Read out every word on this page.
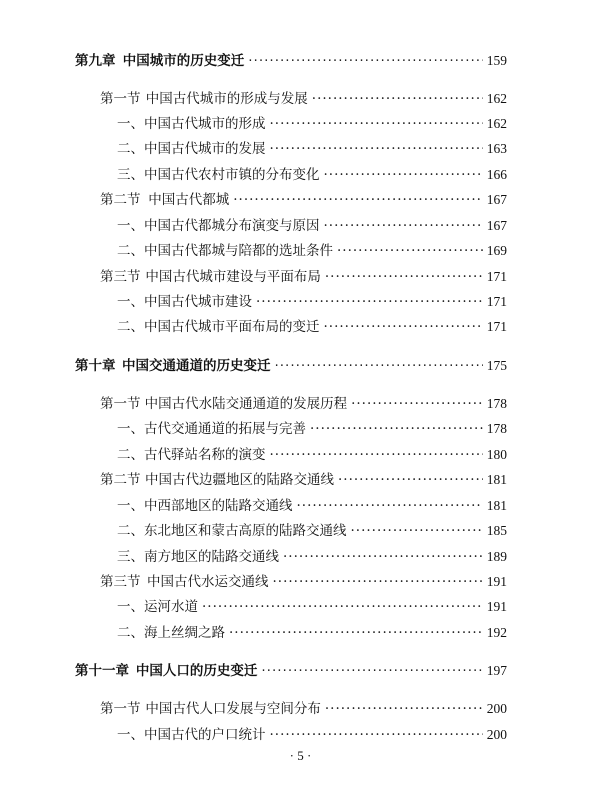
第九章 中国城市的历史变迁 ·····	159
第一节 中国古代城市的形成与发展 ·····	162
一、中国古代城市的形成 ·····	162
二、中国古代城市的发展 ·····	163
三、中国古代农村市镇的分布变化 ·····	166
第二节 中国古代都城 ·····	167
一、中国古代都城分布演变与原因 ·····	167
二、中国古代都城与陪都的选址条件 ·····	169
第三节 中国古代城市建设与平面布局 ·····	171
一、中国古代城市建设 ·····	171
二、中国古代城市平面布局的变迁 ·····	171
第十章 中国交通通道的历史变迁 ·····	175
第一节 中国古代水陆交通通道的发展历程 ·····	178
一、古代交通通道的拓展与完善 ·····	178
二、古代驿站名称的演变 ·····	180
第二节 中国古代边疆地区的陆路交通线 ·····	181
一、中西部地区的陆路交通线 ·····	181
二、东北地区和蒙古高原的陆路交通线 ·····	185
三、南方地区的陆路交通线 ·····	189
第三节 中国古代水运交通线 ·····	191
一、运河水道 ·····	191
二、海上丝绸之路 ·····	192
第十一章 中国人口的历史变迁 ·····	197
第一节 中国古代人口发展与空间分布 ·····	200
一、中国古代的户口统计 ·····	200
· 5 ·
